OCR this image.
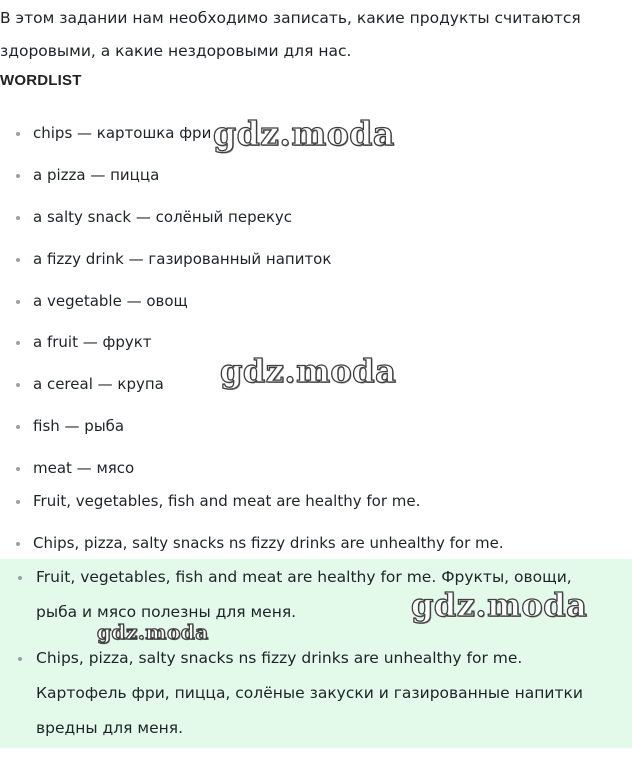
В этом задании нам необходимо записать, какие продукты считаются здоровыми, а какие нездоровыми для нас.

WORDLIST
chips — картошка фри
a pizza — пицца
a salty snack — солёный перекус
a fizzy drink — газированный напиток
a vegetable — овощ
a fruit — фрукт
a cereal — крупа
fish — рыба
meat — мясо
Fruit, vegetables, fish and meat are healthy for me.
Chips, pizza, salty snacks ns fizzy drinks are unhealthy for me.
Fruit, vegetables, fish and meat are healthy for me. Фрукты, овощи, рыба и мясо полезны для меня.
Chips, pizza, salty snacks ns fizzy drinks are unhealthy for me. Картофель фри, пицца, солёные закуски и газированные напитки вредны для меня.
gdz.moda
gdz.moda
gdz.moda
gdz.moda
